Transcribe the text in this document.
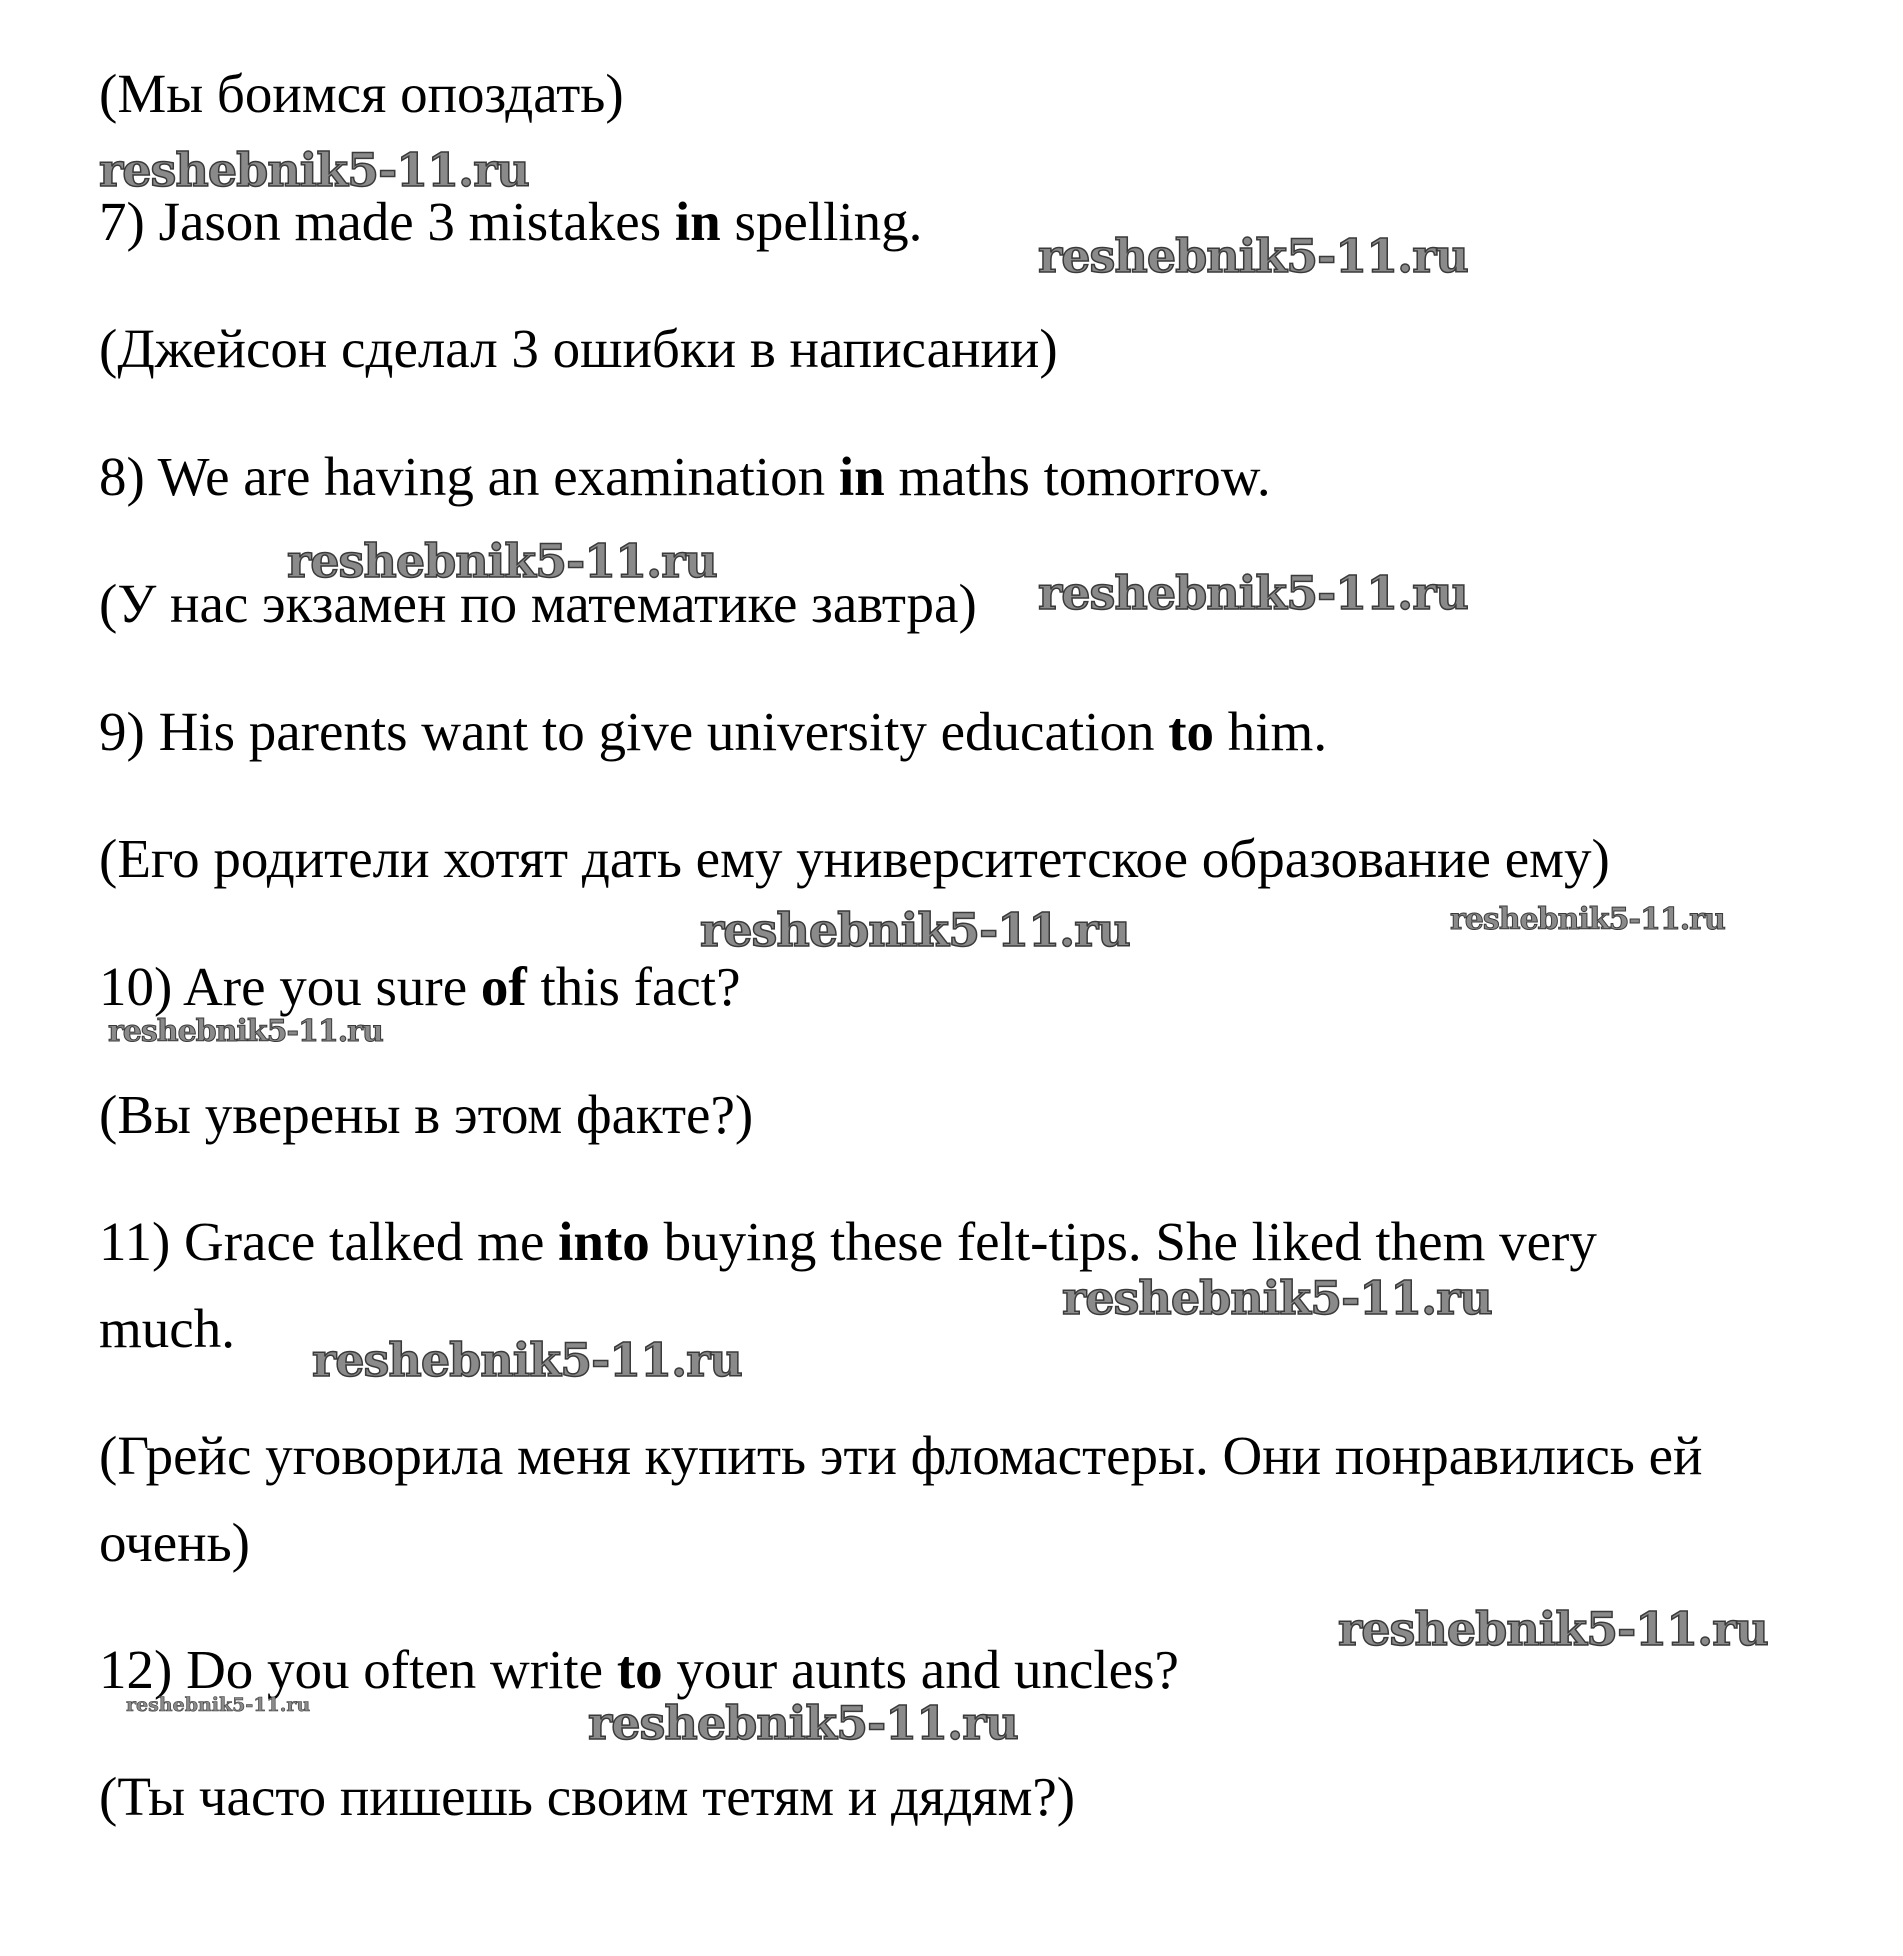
(Мы боимся опоздать)
7) Jason made 3 mistakes in spelling.
(Джейсон сделал 3 ошибки в написании)
8) We are having an examination in maths tomorrow.
(У нас экзамен по математике завтра)
9) His parents want to give university education to him.
(Его родители хотят дать ему университетское образование ему)
10) Are you sure of this fact?
(Вы уверены в этом факте?)
11) Grace talked me into buying these felt-tips. She liked them very
much.
(Грейс уговорила меня купить эти фломастеры. Они понравились ей
очень)
12) Do you often write to your aunts and uncles?
(Ты часто пишешь своим тетям и дядям?)
reshebnik5-11.ru
reshebnik5-11.ru
reshebnik5-11.ru
reshebnik5-11.ru
reshebnik5-11.ru	reshebnik5-11.ru
reshebnik5-11.ru
reshebnik5-11.ru
reshebnik5-11.ru
reshebnik5-11.ru
reshebnik5-11.ru	reshebnik5-11.ru
